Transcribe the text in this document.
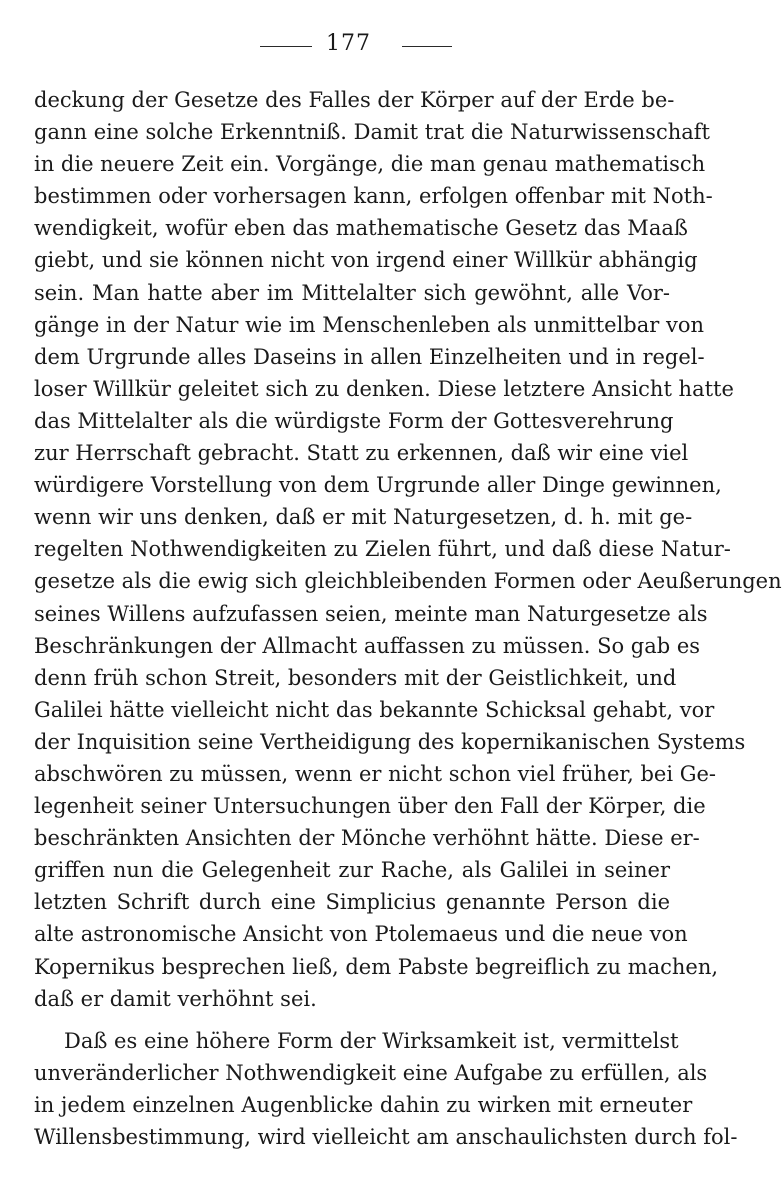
177
deckung der Gesetze des Falles der Körper auf der Erde be-
gann eine solche Erkenntniß. Damit trat die Naturwissenschaft
in die neuere Zeit ein. Vorgänge, die man genau mathematisch
bestimmen oder vorhersagen kann, erfolgen offenbar mit Noth-
wendigkeit, wofür eben das mathematische Gesetz das Maaß
giebt, und sie können nicht von irgend einer Willkür abhängig
sein. Man hatte aber im Mittelalter sich gewöhnt, alle Vor-
gänge in der Natur wie im Menschenleben als unmittelbar von
dem Urgrunde alles Daseins in allen Einzelheiten und in regel-
loser Willkür geleitet sich zu denken. Diese letztere Ansicht hatte
das Mittelalter als die würdigste Form der Gottesverehrung
zur Herrschaft gebracht. Statt zu erkennen, daß wir eine viel
würdigere Vorstellung von dem Urgrunde aller Dinge gewinnen,
wenn wir uns denken, daß er mit Naturgesetzen, d. h. mit ge-
regelten Nothwendigkeiten zu Zielen führt, und daß diese Natur-
gesetze als die ewig sich gleichbleibenden Formen oder Aeußerungen
seines Willens aufzufassen seien, meinte man Naturgesetze als
Beschränkungen der Allmacht auffassen zu müssen. So gab es
denn früh schon Streit, besonders mit der Geistlichkeit, und
Galilei hätte vielleicht nicht das bekannte Schicksal gehabt, vor
der Inquisition seine Vertheidigung des kopernikanischen Systems
abschwören zu müssen, wenn er nicht schon viel früher, bei Ge-
legenheit seiner Untersuchungen über den Fall der Körper, die
beschränkten Ansichten der Mönche verhöhnt hätte. Diese er-
griffen nun die Gelegenheit zur Rache, als Galilei in seiner
letzten Schrift durch eine Simplicius genannte Person die
alte astronomische Ansicht von Ptolemaeus und die neue von
Kopernikus besprechen ließ, dem Pabste begreiflich zu machen,
daß er damit verhöhnt sei.
Daß es eine höhere Form der Wirksamkeit ist, vermittelst
unveränderlicher Nothwendigkeit eine Aufgabe zu erfüllen, als
in jedem einzelnen Augenblicke dahin zu wirken mit erneuter
Willensbestimmung, wird vielleicht am anschaulichsten durch fol-
